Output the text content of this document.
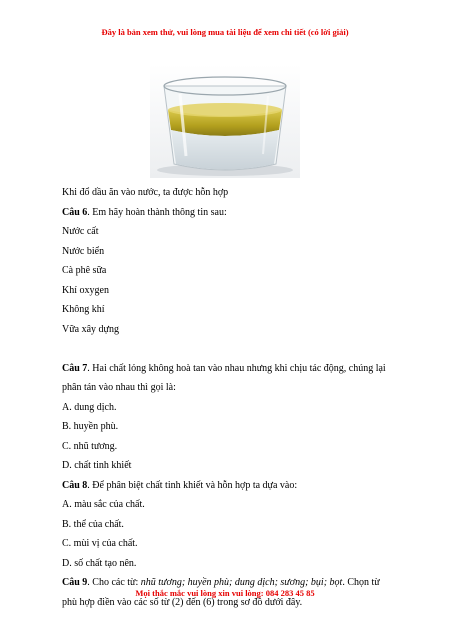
Đây là bản xem thử, vui lòng mua tài liệu để xem chi tiết (có lời giải)

Khi đổ dầu ăn vào nước, ta được hỗn hợp

Câu 6. Em hãy hoàn thành thông tin sau:

Nước cất

Nước biển

Cà phê sữa

Khí oxygen

Không khí

Vữa xây dựng

Câu 7. Hai chất lỏng không hoà tan vào nhau nhưng khi chịu tác động, chúng lại

phân tán vào nhau thì gọi là:

A. dung dịch.

B. huyền phù.

C. nhũ tương.

D. chất tinh khiết

Câu 8. Để phân biệt chất tinh khiết và hỗn hợp ta dựa vào:

A. màu sắc của chất.

B. thể của chất.

C. mùi vị của chất.

D. số chất tạo nên.

Câu 9. Cho các từ: nhũ tương; huyền phù; dung dịch; sương; bụi; bọt. Chọn từ

phù hợp điền vào các số từ (2) đến (6) trong sơ đồ dưới đây.

Mọi thắc mắc vui lòng xin vui lòng: 084 283 45 85
